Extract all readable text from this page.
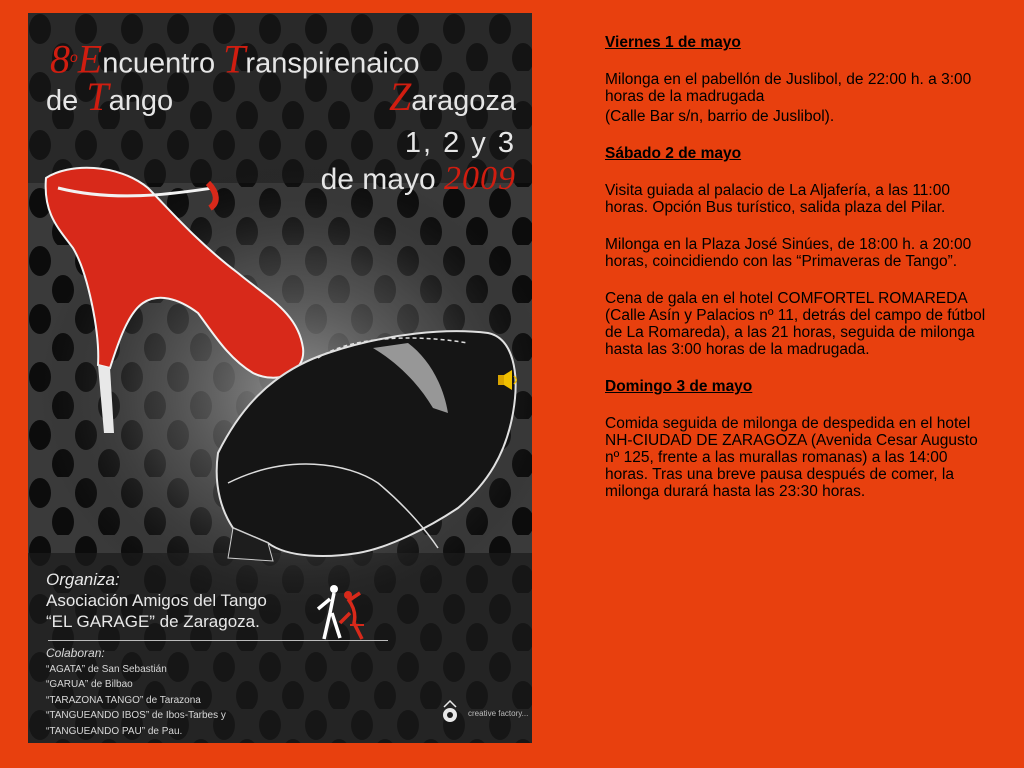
8$^o$Encuentro Transpirenaico
de Tango	Zaragoza
1, 2 y 3
de mayo 2009
Organiza:
Asociación Amigos del Tango
“EL GARAGE” de Zaragoza.
Colaboran:
“AGATA” de San Sebastián
“GARUA” de Bilbao
“TARAZONA TANGO” de Tarazona
“TANGUEANDO IBOS” de Ibos-Tarbes y
“TANGUEANDO PAU” de Pau.
creative factory...
Viernes 1 de mayo

Milonga en el pabellón de Juslibol, de 22:00 h. a 3:00 horas de la madrugada

(Calle Bar s/n, barrio de Juslibol).

Sábado 2 de mayo

Visita guiada al palacio de La Aljafería, a las 11:00 horas. Opción Bus turístico, salida plaza del Pilar.

Milonga en la Plaza José Sinúes, de 18:00 h. a 20:00 horas, coincidiendo con las “Primaveras de Tango”.

Cena de gala en el hotel COMFORTEL ROMAREDA (Calle Asín y Palacios nº 11, detrás del campo de fútbol de La Romareda), a las 21 horas, seguida de milonga hasta las 3:00 horas de la madrugada.

Domingo 3 de mayo

Comida seguida de milonga de despedida en el hotel NH-CIUDAD DE ZARAGOZA (Avenida Cesar Augusto nº 125, frente a las murallas romanas) a las 14:00 horas. Tras una breve pausa después de comer, la milonga durará hasta las 23:30 horas.
